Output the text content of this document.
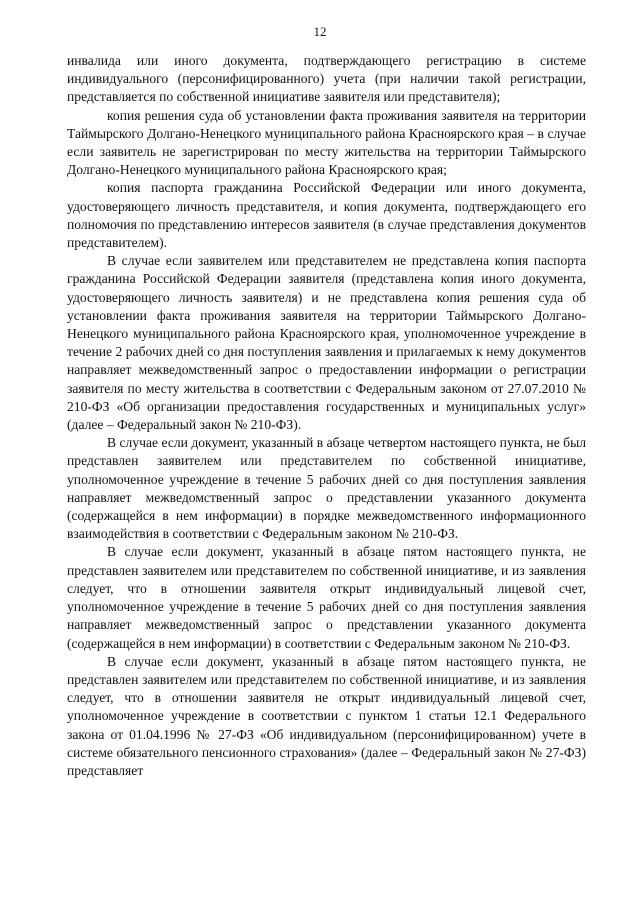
12

инвалида или иного документа, подтверждающего регистрацию в системе индивидуального (персонифицированного) учета (при наличии такой регистрации, представляется по собственной инициативе заявителя или представителя);

копия решения суда об установлении факта проживания заявителя на территории Таймырского Долгано-Ненецкого муниципального района Красноярского края – в случае если заявитель не зарегистрирован по месту жительства на территории Таймырского Долгано-Ненецкого муниципального района Красноярского края;

копия паспорта гражданина Российской Федерации или иного документа, удостоверяющего личность представителя, и копия документа, подтверждающего его полномочия по представлению интересов заявителя (в случае представления документов представителем).

В случае если заявителем или представителем не представлена копия паспорта гражданина Российской Федерации заявителя (представлена копия иного документа, удостоверяющего личность заявителя) и не представлена копия решения суда об установлении факта проживания заявителя на территории Таймырского Долгано-Ненецкого муниципального района Красноярского края, уполномоченное учреждение в течение 2 рабочих дней со дня поступления заявления и прилагаемых к нему документов направляет межведомственный запрос о предоставлении информации о регистрации заявителя по месту жительства в соответствии с Федеральным законом от 27.07.2010 № 210-ФЗ «Об организации предоставления государственных и муниципальных услуг» (далее – Федеральный закон № 210-ФЗ).

В случае если документ, указанный в абзаце четвертом настоящего пункта, не был представлен заявителем или представителем по собственной инициативе, уполномоченное учреждение в течение 5 рабочих дней со дня поступления заявления направляет межведомственный запрос о представлении указанного документа (содержащейся в нем информации) в порядке межведомственного информационного взаимодействия в соответствии с Федеральным законом № 210-ФЗ.

В случае если документ, указанный в абзаце пятом настоящего пункта, не представлен заявителем или представителем по собственной инициативе, и из заявления следует, что в отношении заявителя открыт индивидуальный лицевой счет, уполномоченное учреждение в течение 5 рабочих дней со дня поступления заявления направляет межведомственный запрос о представлении указанного документа (содержащейся в нем информации) в соответствии с Федеральным законом № 210-ФЗ.

В случае если документ, указанный в абзаце пятом настоящего пункта, не представлен заявителем или представителем по собственной инициативе, и из заявления следует, что в отношении заявителя не открыт индивидуальный лицевой счет, уполномоченное учреждение в соответствии с пунктом 1 статьи 12.1 Федерального закона от 01.04.1996 № 27-ФЗ «Об индивидуальном (персонифицированном) учете в системе обязательного пенсионного страхования» (далее – Федеральный закон № 27-ФЗ) представляет
